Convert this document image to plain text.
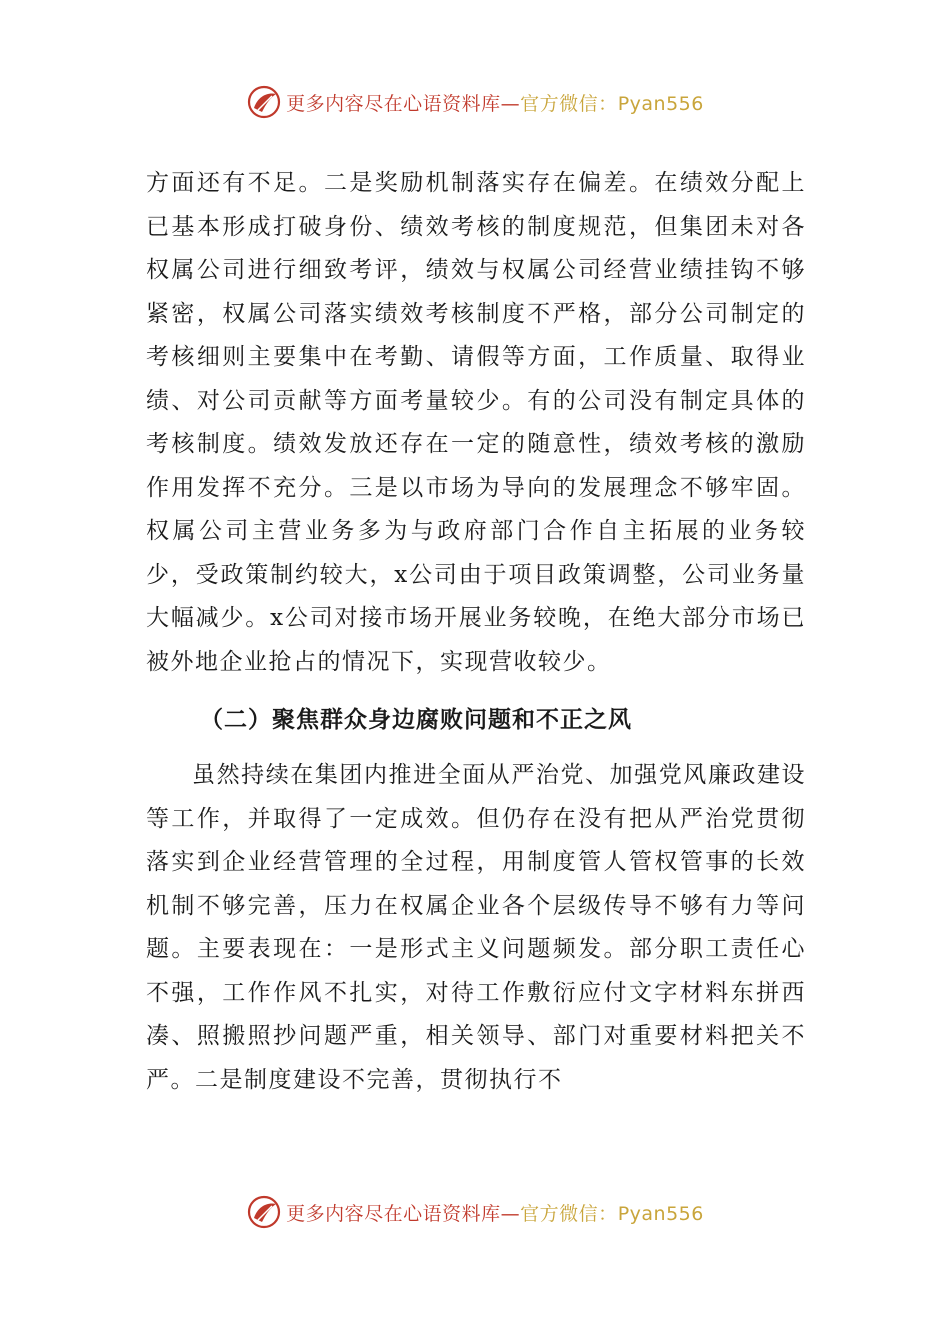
更多内容尽在心语资料库—官方微信：Pyan556

方面还有不足。二是奖励机制落实存在偏差。在绩效分配上已基本形成打破身份、绩效考核的制度规范，但集团未对各权属公司进行细致考评，绩效与权属公司经营业绩挂钩不够紧密，权属公司落实绩效考核制度不严格，部分公司制定的考核细则主要集中在考勤、请假等方面，工作质量、取得业绩、对公司贡献等方面考量较少。有的公司没有制定具体的考核制度。绩效发放还存在一定的随意性，绩效考核的激励作用发挥不充分。三是以市场为导向的发展理念不够牢固。权属公司主营业务多为与政府部门合作自主拓展的业务较少，受政策制约较大，x公司由于项目政策调整，公司业务量大幅减少。x公司对接市场开展业务较晚，在绝大部分市场已被外地企业抢占的情况下，实现营收较少。

（二）聚焦群众身边腐败问题和不正之风

虽然持续在集团内推进全面从严治党、加强党风廉政建设等工作，并取得了一定成效。但仍存在没有把从严治党贯彻落实到企业经营管理的全过程，用制度管人管权管事的长效机制不够完善，压力在权属企业各个层级传导不够有力等问题。主要表现在：一是形式主义问题频发。部分职工责任心不强，工作作风不扎实，对待工作敷衍应付文字材料东拼西凑、照搬照抄问题严重，相关领导、部门对重要材料把关不严。二是制度建设不完善，贯彻执行不

更多内容尽在心语资料库—官方微信：Pyan556
